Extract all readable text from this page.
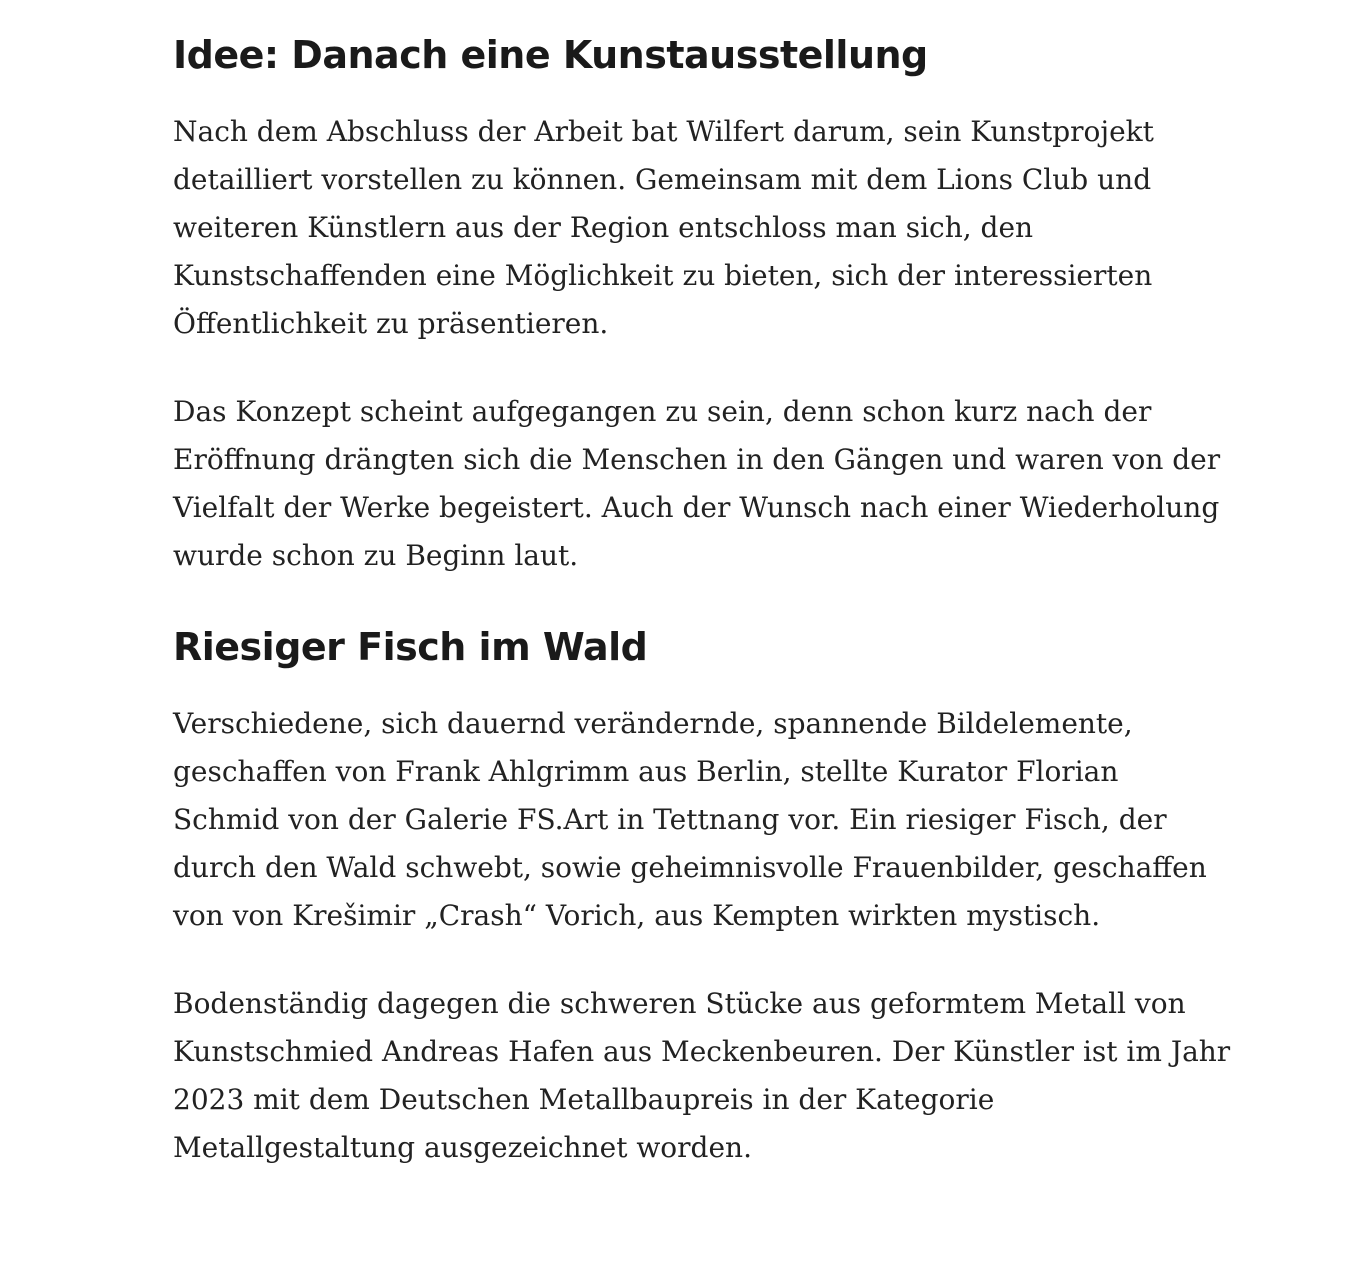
Idee: Danach eine Kunstausstellung

Nach dem Abschluss der Arbeit bat Wilfert darum, sein Kunstprojekt detailliert vorstellen zu können. Gemeinsam mit dem Lions Club und weiteren Künstlern aus der Region entschloss man sich, den Kunstschaffenden eine Möglichkeit zu bieten, sich der interessierten Öffentlichkeit zu präsentieren.

Das Konzept scheint aufgegangen zu sein, denn schon kurz nach der Eröffnung drängten sich die Menschen in den Gängen und waren von der Vielfalt der Werke begeistert. Auch der Wunsch nach einer Wiederholung wurde schon zu Beginn laut.

Riesiger Fisch im Wald

Verschiedene, sich dauernd verändernde, spannende Bildelemente, geschaffen von Frank Ahlgrimm aus Berlin, stellte Kurator Florian Schmid von der Galerie FS.Art in Tettnang vor. Ein riesiger Fisch, der durch den Wald schwebt, sowie geheimnisvolle Frauenbilder, geschaffen von von Krešimir „Crash“ Vorich, aus Kempten wirkten mystisch.

Bodenständig dagegen die schweren Stücke aus geformtem Metall von Kunstschmied Andreas Hafen aus Meckenbeuren. Der Künstler ist im Jahr 2023 mit dem Deutschen Metallbaupreis in der Kategorie Metallgestaltung ausgezeichnet worden.
